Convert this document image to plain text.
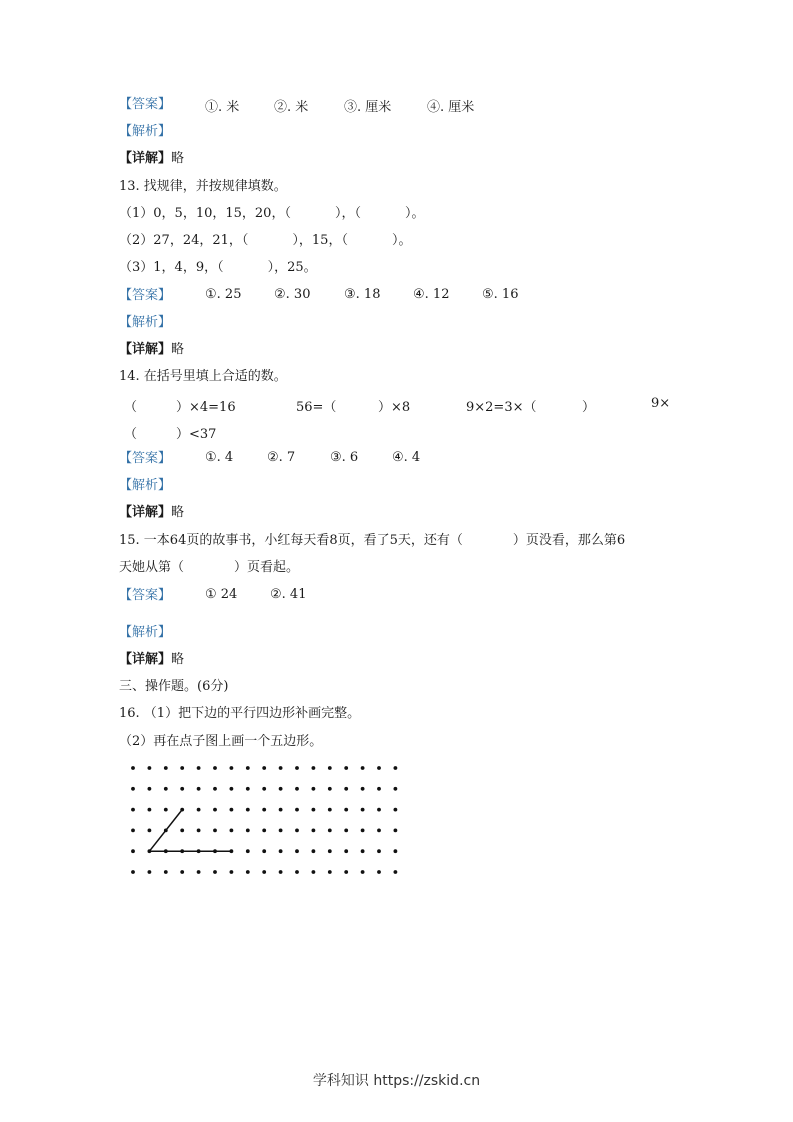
【答案】	①. 米	②. 米	③. 厘米	④. 厘米
【解析】
【详解】略
13. 找规律，并按规律填数。
（1）0，5，10，15，20，（	），（	）。
（2）27，24，21，（	），15，（	）。
（3）1，4，9，（	），25。
【答案】	①. 25	②. 30	③. 18	④. 12	⑤. 16
【解析】
【详解】略
14. 在括号里填上合适的数。
（	）×4=16	56=（	）×8	9×2=3×（	）	9×
（	）<37
【答案】	①. 4	②. 7	③. 6	④. 4
【解析】
【详解】略
15. 一本64页的故事书，小红每天看8页，看了5天，还有（	）页没看，那么第6
天她从第（	）页看起。
【答案】	① 24	②. 41
【解析】
【详解】略
三、操作题。(6分)
16. （1）把下边的平行四边形补画完整。
（2）再在点子图上画一个五边形。
学科知识 https://zskid.cn
